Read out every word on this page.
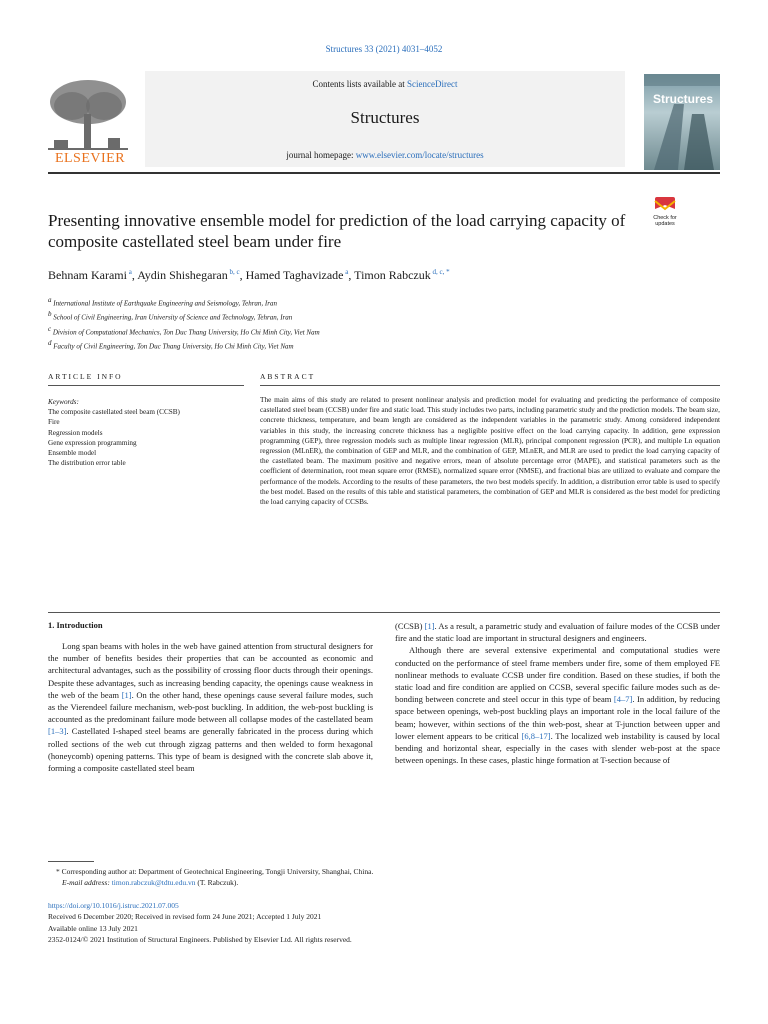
Structures 33 (2021) 4031–4052
Contents lists available at ScienceDirect
Structures
journal homepage: www.elsevier.com/locate/structures
ELSEVIER
Structures
Presenting innovative ensemble model for prediction of the load carrying capacity of composite castellated steel beam under fire
Check for updates
Behnam Karami $^a$, Aydin Shishegaran $^{b, c}$, Hamed Taghavizade $^a$, Timon Rabczuk $^{d, c, *}$
$^a$ International Institute of Earthquake Engineering and Seismology, Tehran, Iran
$^b$ School of Civil Engineering, Iran University of Science and Technology, Tehran, Iran
$^c$ Division of Computational Mechanics, Ton Duc Thang University, Ho Chi Minh City, Viet Nam
$^d$ Faculty of Civil Engineering, Ton Duc Thang University, Ho Chi Minh City, Viet Nam
ARTICLE INFO	ABSTRACT
Keywords:
The composite castellated steel beam (CCSB)
Fire
Regression models
Gene expression programming
Ensemble model
The distribution error table
The main aims of this study are related to present nonlinear analysis and prediction model for evaluating and predicting the performance of composite castellated steel beam (CCSB) under fire and static load. This study includes two parts, including parametric study and the prediction models. The beam size, concrete thickness, temperature, and beam length are considered as the independent variables in the parametric study. Among considered independent variables in this study, the increasing concrete thickness has a negligible positive effect on the load carrying capacity. In addition, gene expression programming (GEP), three regression models such as multiple linear regression (MLR), principal component regression (PCR), and multiple Ln equation regression (MLnER), the combination of GEP and MLR, and the combination of GEP, MLnER, and MLR are used to predict the load carrying capacity of the castellated beam. The maximum positive and negative errors, mean of absolute percentage error (MAPE), and statistical parameters such as the coefficient of determination, root mean square error (RMSE), normalized square error (NMSE), and fractional bias are utilized to evaluate and compare the performance of the models. According to the results of these parameters, the two best models specify. In addition, a distribution error table is used to specify the best model. Based on the results of this table and statistical parameters, the combination of GEP and MLR is considered as the best model for predicting the load carrying capacity of CCSBs.
1. Introduction

Long span beams with holes in the web have gained attention from structural designers for the number of benefits besides their properties that can be accounted as economic and architectural advantages, such as the possibility of crossing floor ducts through their openings. Despite these advantages, such as increasing bending capacity, the openings cause weakness in the web of the beam [1]. On the other hand, these openings cause several failure modes, such as the Vierendeel failure mechanism, web-post buckling. In addition, the web-post buckling is accounted as the predominant failure mode between all collapse modes of the castellated beam [1–3]. Castellated I-shaped steel beams are generally fabricated in the process during which rolled sections of the web cut through zigzag patterns and then welded to form hexagonal (honeycomb) opening patterns. This type of beam is designed with the concrete slab above it, forming a composite castellated steel beam

(CCSB) [1]. As a result, a parametric study and evaluation of failure modes of the CCSB under fire and the static load are important in structural designers and engineers.

Although there are several extensive experimental and computational studies were conducted on the performance of steel frame members under fire, some of them employed FE nonlinear methods to evaluate CCSB under fire condition. Based on these studies, if both the static load and fire condition are applied on CCSB, several specific failure modes such as de-bonding between concrete and steel occur in this type of beam [4–7]. In addition, by reducing space between openings, web-post buckling plays an important role in the local failure of the beam; however, within sections of the thin web-post, shear at T-junction between upper and lower element appears to be critical [6,8–17]. The localized web instability is caused by local bending and horizontal shear, especially in the cases with slender web-post at the space between openings. In these cases, plastic hinge formation at T-section because of

* Corresponding author at: Department of Geotechnical Engineering, Tongji University, Shanghai, China.
E-mail address: timon.rabczuk@tdtu.edu.vn (T. Rabczuk).
https://doi.org/10.1016/j.istruc.2021.07.005
Received 6 December 2020; Received in revised form 24 June 2021; Accepted 1 July 2021
Available online 13 July 2021
2352-0124/© 2021 Institution of Structural Engineers. Published by Elsevier Ltd. All rights reserved.
